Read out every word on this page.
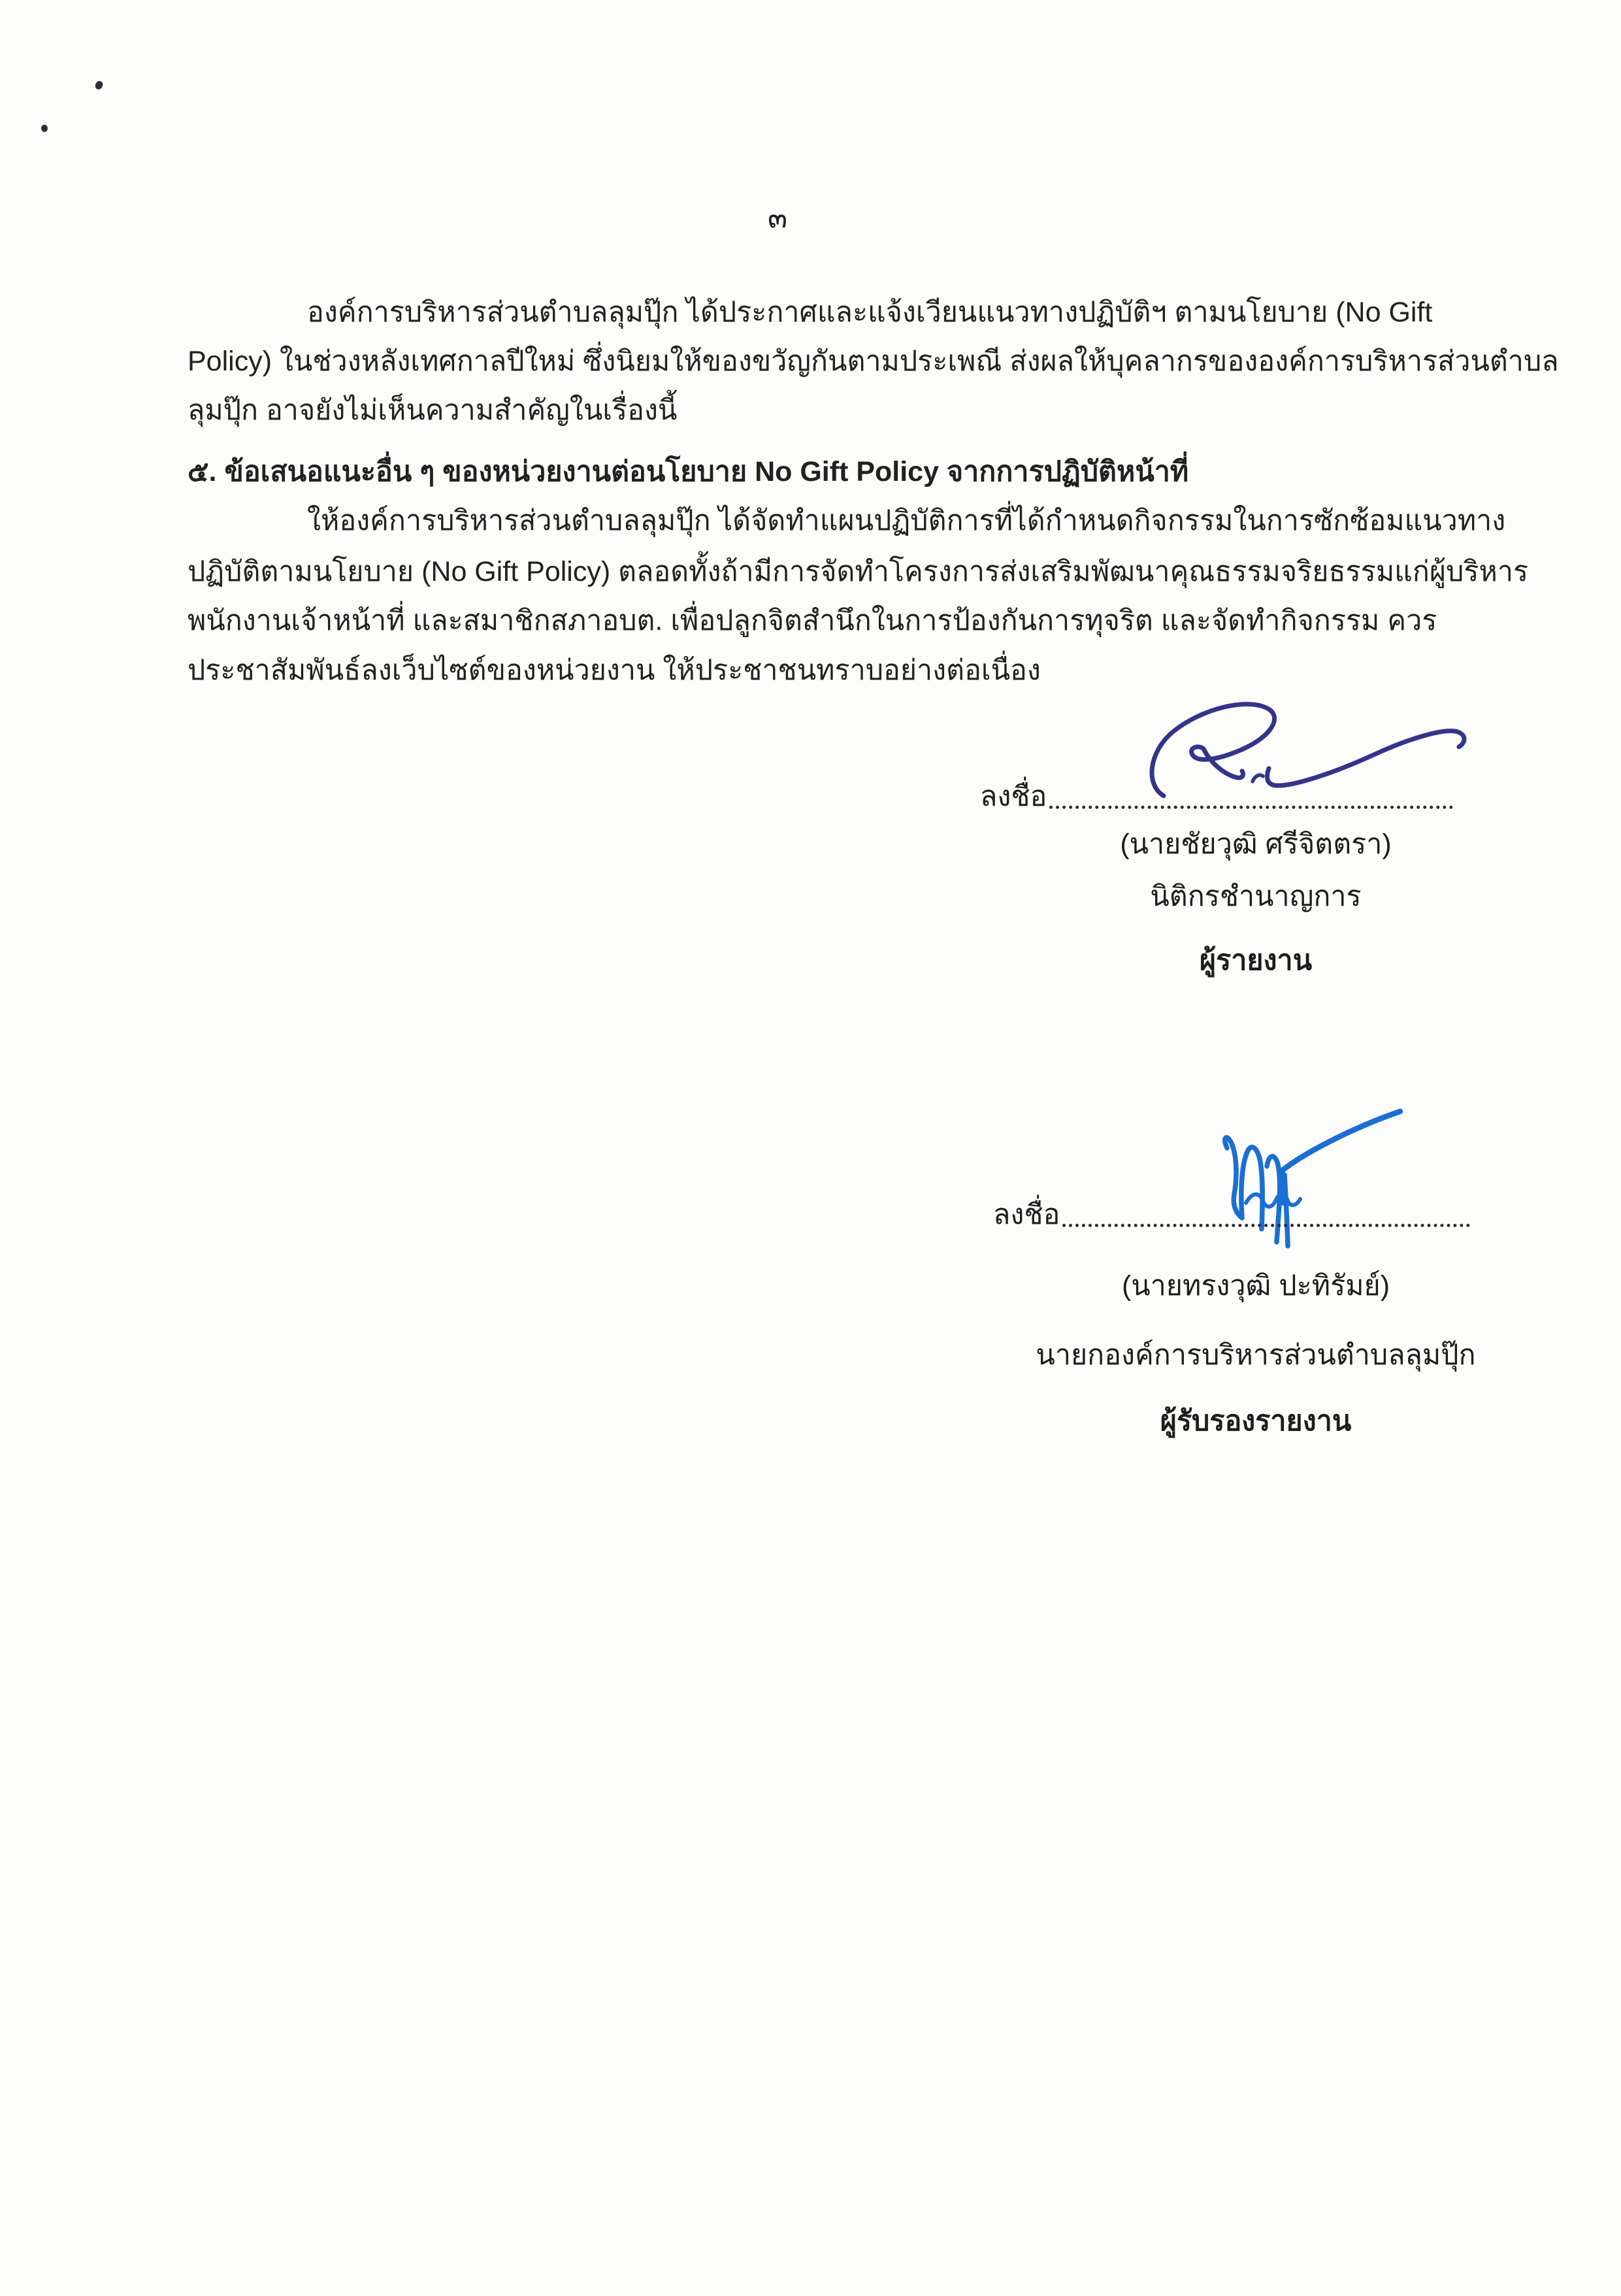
๓
องค์การบริหารส่วนตำบลลุมปุ๊ก ได้ประกาศและแจ้งเวียนแนวทางปฏิบัติฯ ตามนโยบาย (No Gift
Policy) ในช่วงหลังเทศกาลปีใหม่ ซึ่งนิยมให้ของขวัญกันตามประเพณี ส่งผลให้บุคลากรขององค์การบริหารส่วนตำบล
ลุมปุ๊ก อาจยังไม่เห็นความสำคัญในเรื่องนี้
๕. ข้อเสนอแนะอื่น ๆ ของหน่วยงานต่อนโยบาย No Gift Policy จากการปฏิบัติหน้าที่
ให้องค์การบริหารส่วนตำบลลุมปุ๊ก ได้จัดทำแผนปฏิบัติการที่ได้กำหนดกิจกรรมในการซักซ้อมแนวทาง
ปฏิบัติตามนโยบาย (No Gift Policy) ตลอดทั้งถ้ามีการจัดทำโครงการส่งเสริมพัฒนาคุณธรรมจริยธรรมแก่ผู้บริหาร
พนักงานเจ้าหน้าที่ และสมาชิกสภาอบต. เพื่อปลูกจิตสำนึกในการป้องกันการทุจริต และจัดทำกิจกรรม ควร
ประชาสัมพันธ์ลงเว็บไซต์ของหน่วยงาน ให้ประชาชนทราบอย่างต่อเนื่อง
ลงชื่อ
(นายชัยวุฒิ ศรีจิตตรา)
นิติกรชำนาญการ
ผู้รายงาน
ลงชื่อ
(นายทรงวุฒิ ปะทิรัมย์)
นายกองค์การบริหารส่วนตำบลลุมปุ๊ก
ผู้รับรองรายงาน
